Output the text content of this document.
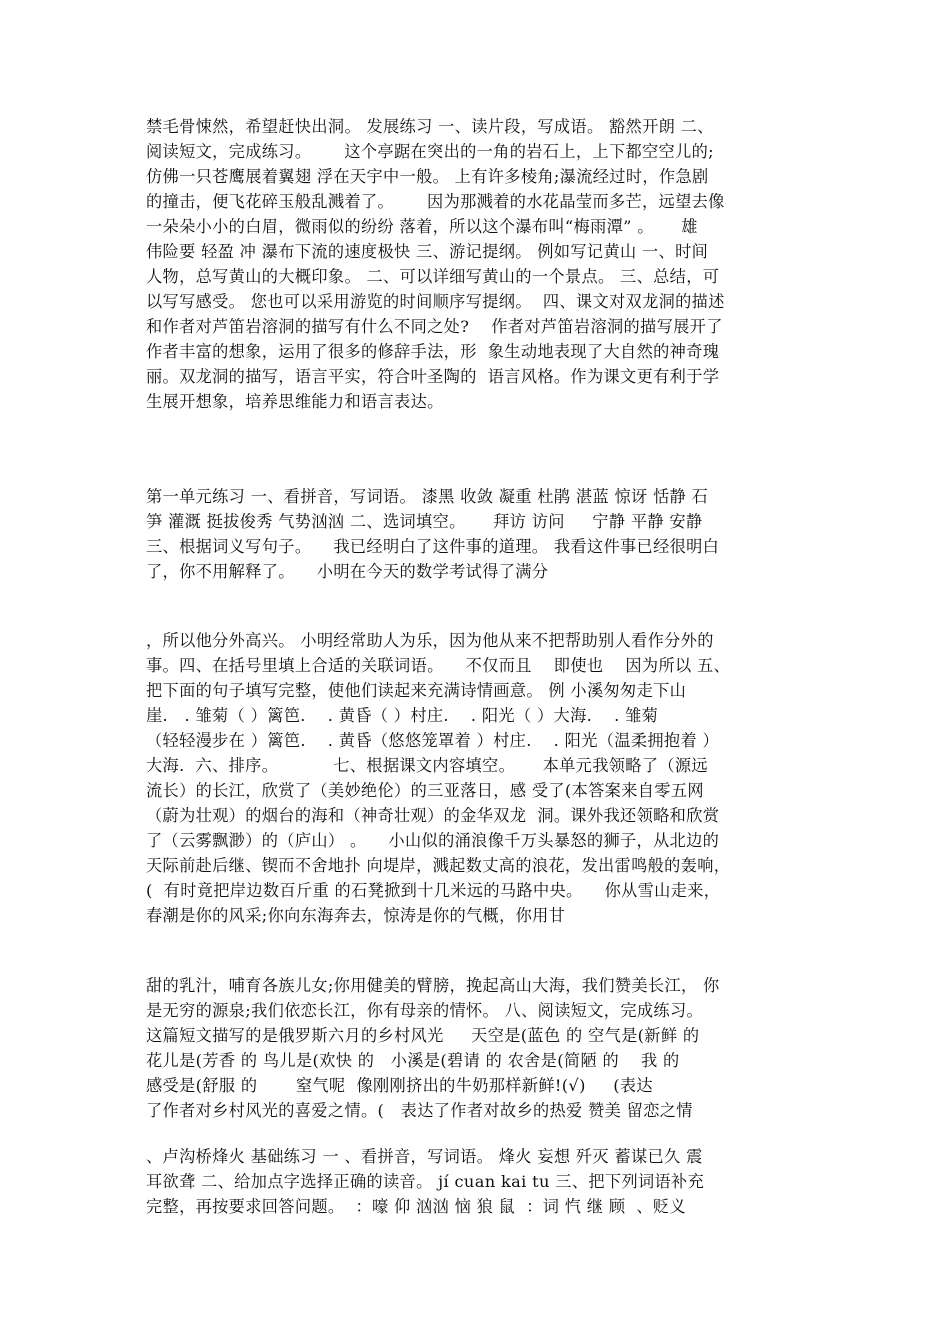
禁毛骨悚然，希望赶快出洞。 发展练习 一、读片段，写成语。 豁然开朗 二、
阅读短文，完成练习。      这个亭踞在突出的一角的岩石上，上下都空空儿的;
仿佛一只苍鹰展着翼翅 浮在天宇中一般。 上有许多棱角;瀑流经过时，作急剧
的撞击，便飞花碎玉般乱溅着了。      因为那溅着的水花晶莹而多芒，远望去像
一朵朵小小的白眉，微雨似的纷纷 落着，所以这个瀑布叫“梅雨潭” 。     雄
伟险要 轻盈 冲 瀑布下流的速度极快 三、游记提纲。 例如写记黄山 一、时间
人物，总写黄山的大概印象。 二、可以详细写黄山的一个景点。 三、总结，可
以写写感受。 您也可以采用游览的时间顺序写提纲。  四、课文对双龙洞的描述
和作者对芦笛岩溶洞的描写有什么不同之处?    作者对芦笛岩溶洞的描写展开了
作者丰富的想象，运用了很多的修辞手法，形  象生动地表现了大自然的神奇瑰
丽。双龙洞的描写，语言平实，符合叶圣陶的  语言风格。作为课文更有利于学
生展开想象，培养思维能力和语言表达。
第一单元练习 一、看拼音，写词语。 漆黑 收敛 凝重 杜鹃 湛蓝 惊讶 恬静 石
笋 灌溉 挺拔俊秀 气势汹汹 二、选词填空。     拜访 访问     宁静 平静 安静
三、根据词义写句子。    我已经明白了这件事的道理。 我看这件事已经很明白
了，你不用解释了。    小明在今天的数学考试得了满分
，所以他分外高兴。 小明经常助人为乐，因为他从来不把帮助别人看作分外的
事。四、在括号里填上合适的关联词语。    不仅而且    即使也    因为所以 五、
把下面的句子填写完整，使他们读起来充满诗情画意。 例 小溪匆匆走下山
崖.   . 雏菊（ ）篱笆.    . 黄昏（ ）村庄.    . 阳光（ ）大海.    . 雏菊
（轻轻漫步在 ）篱笆.    . 黄昏（悠悠笼罩着 ）村庄.    . 阳光（温柔拥抱着 ）
大海.  六、排序。          七、根据课文内容填空。     本单元我领略了（源远
流长）的长江，欣赏了（美妙绝伦）的三亚落日，感 受了(本答案来自零五网
（蔚为壮观）的烟台的海和（神奇壮观）的金华双龙  洞。课外我还领略和欣赏
了（云雾飘渺）的（庐山） 。    小山似的涌浪像千万头暴怒的狮子，从北边的
天际前赴后继、锲而不舍地扑 向堤岸，溅起数丈高的浪花，发出雷鸣般的轰响，
(  有时竟把岸边数百斤重 的石凳掀到十几米远的马路中央。    你从雪山走来，
春潮是你的风采;你向东海奔去，惊涛是你的气概，你用甘
甜的乳汁，哺育各族儿女;你用健美的臂膀，挽起高山大海，我们赞美长江， 你
是无穷的源泉;我们依恋长江，你有母亲的情怀。 八、阅读短文，完成练习。
这篇短文描写的是俄罗斯六月的乡村风光     天空是(蓝色 的 空气是(新鲜 的
花儿是(芳香 的 鸟儿是(欢快 的   小溪是(碧请 的 农舍是(简陋 的    我 的
感受是(舒服 的       窒气呢  像刚刚挤出的牛奶那样新鲜!(√)     (表达
了作者对乡村风光的喜爱之情。(   表达了作者对故乡的热爱 赞美 留恋之情
、卢沟桥烽火 基础练习 一 、看拼音，写词语。 烽火 妄想 歼灭 蓄谋已久 震
耳欲聋 二、给加点字选择正确的读音。 jí cuan kai tu 三、把下列词语补充
完整，再按要求回答问题。  ：嚎 仰 汹汹 恼 狼 鼠  ：词 忾 继 顾  、贬义
